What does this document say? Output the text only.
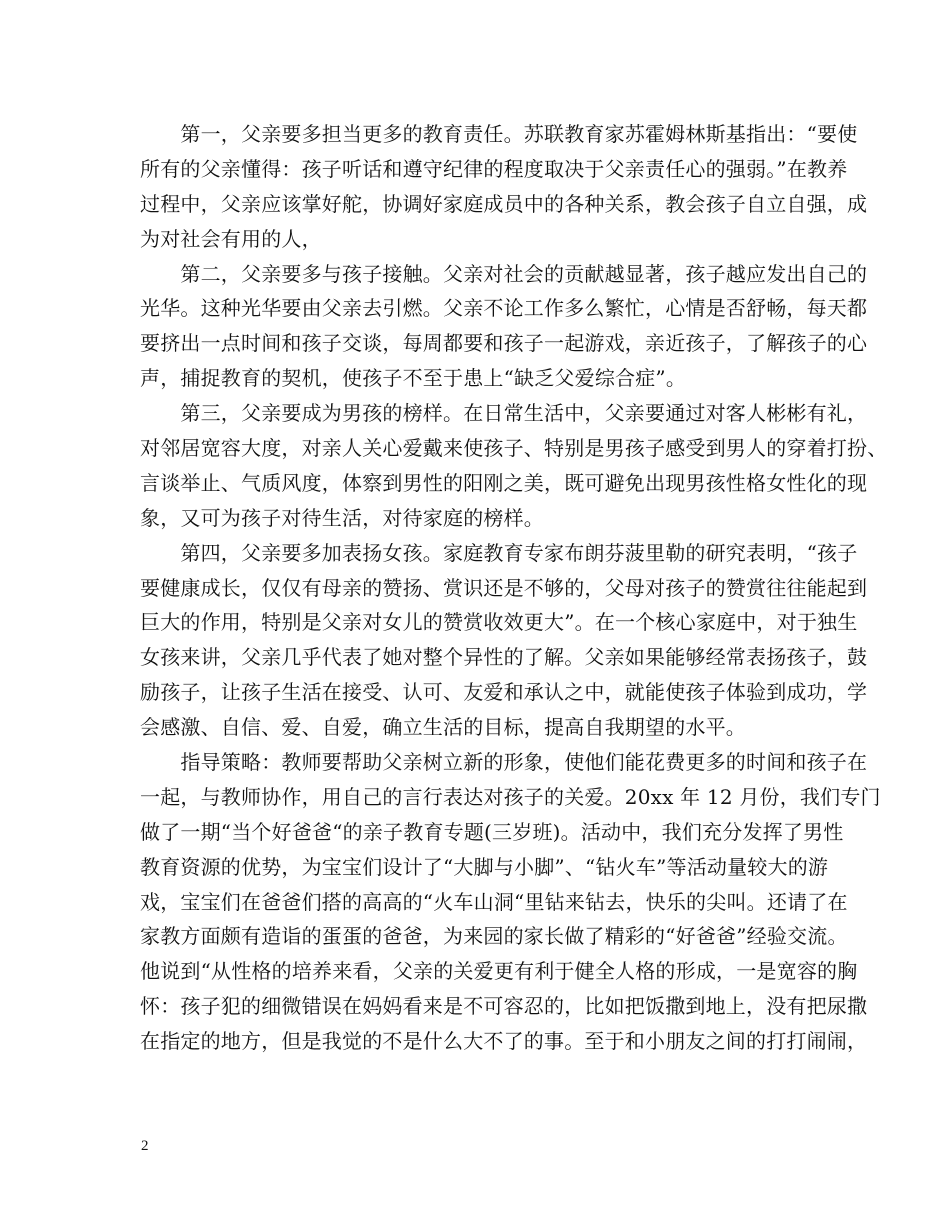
　　第一，父亲要多担当更多的教育责任。苏联教育家苏霍姆林斯基指出：“要使
所有的父亲懂得：孩子听话和遵守纪律的程度取决于父亲责任心的强弱。”在教养
过程中，父亲应该掌好舵，协调好家庭成员中的各种关系，教会孩子自立自强，成
为对社会有用的人，
　　第二，父亲要多与孩子接触。父亲对社会的贡献越显著，孩子越应发出自己的
光华。这种光华要由父亲去引燃。父亲不论工作多么繁忙，心情是否舒畅，每天都
要挤出一点时间和孩子交谈，每周都要和孩子一起游戏，亲近孩子，了解孩子的心
声，捕捉教育的契机，使孩子不至于患上“缺乏父爱综合症”。
　　第三，父亲要成为男孩的榜样。在日常生活中，父亲要通过对客人彬彬有礼，
对邻居宽容大度，对亲人关心爱戴来使孩子、特别是男孩子感受到男人的穿着打扮、
言谈举止、气质风度，体察到男性的阳刚之美，既可避免出现男孩性格女性化的现
象，又可为孩子对待生活，对待家庭的榜样。
　　第四，父亲要多加表扬女孩。家庭教育专家布朗芬菠里勒的研究表明，“孩子
要健康成长，仅仅有母亲的赞扬、赏识还是不够的，父母对孩子的赞赏往往能起到
巨大的作用，特别是父亲对女儿的赞赏收效更大”。在一个核心家庭中，对于独生
女孩来讲，父亲几乎代表了她对整个异性的了解。父亲如果能够经常表扬孩子，鼓
励孩子，让孩子生活在接受、认可、友爱和承认之中，就能使孩子体验到成功，学
会感激、自信、爱、自爱，确立生活的目标，提高自我期望的水平。
　　指导策略：教师要帮助父亲树立新的形象，使他们能花费更多的时间和孩子在
一起，与教师协作，用自己的言行表达对孩子的关爱。20xx 年 12 月份，我们专门
做了一期“当个好爸爸“的亲子教育专题(三岁班)。活动中，我们充分发挥了男性
教育资源的优势，为宝宝们设计了“大脚与小脚”、“钻火车”等活动量较大的游
戏，宝宝们在爸爸们搭的高高的“火车山洞“里钻来钻去，快乐的尖叫。还请了在
家教方面颇有造诣的蛋蛋的爸爸，为来园的家长做了精彩的“好爸爸”经验交流。
他说到“从性格的培养来看，父亲的关爱更有利于健全人格的形成，一是宽容的胸
怀：孩子犯的细微错误在妈妈看来是不可容忍的，比如把饭撒到地上，没有把尿撒
在指定的地方，但是我觉的不是什么大不了的事。至于和小朋友之间的打打闹闹，
2
